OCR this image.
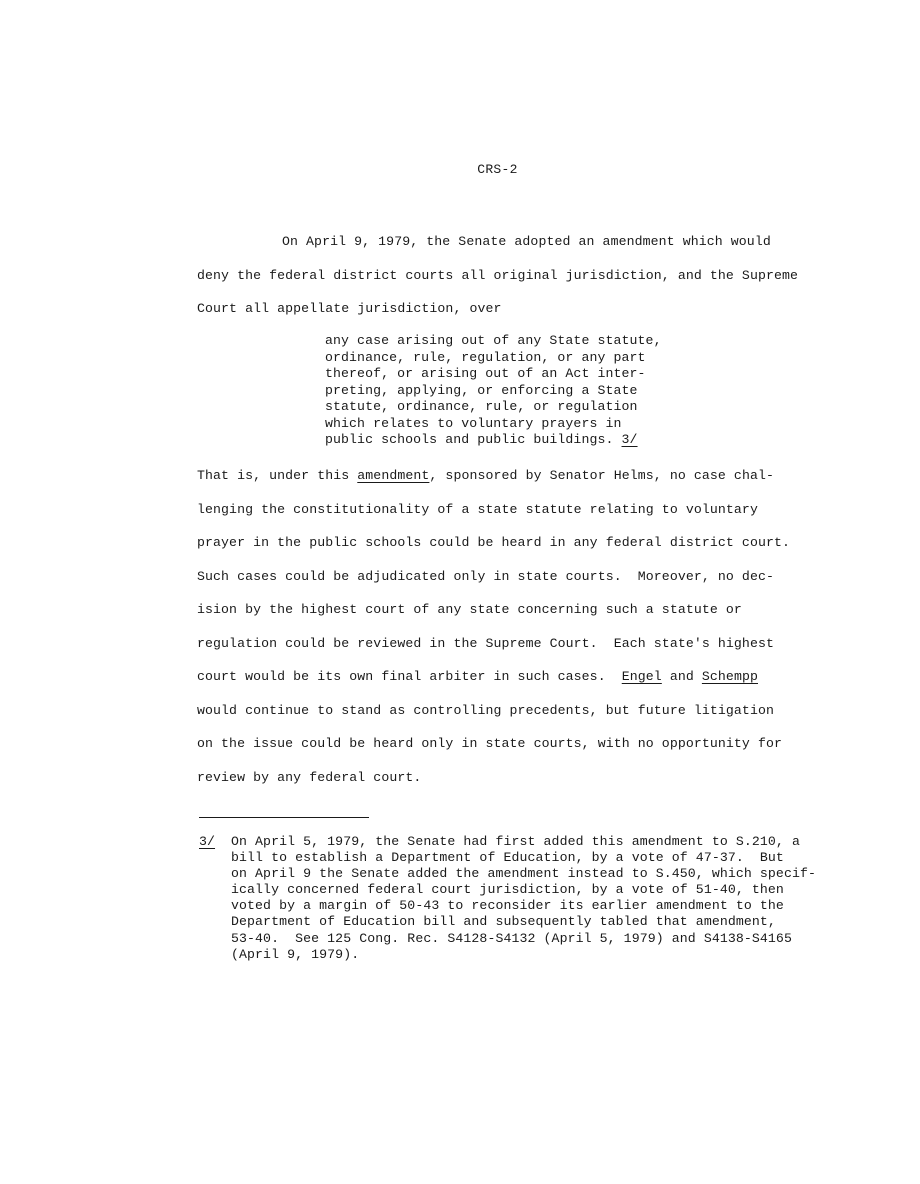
CRS-2
On April 9, 1979, the Senate adopted an amendment which would
deny the federal district courts all original jurisdiction, and the Supreme
Court all appellate jurisdiction, over
any case arising out of any State statute,
ordinance, rule, regulation, or any part
thereof, or arising out of an Act inter-
preting, applying, or enforcing a State
statute, ordinance, rule, or regulation
which relates to voluntary prayers in
public schools and public buildings. 3/
That is, under this amendment, sponsored by Senator Helms, no case chal-
lenging the constitutionality of a state statute relating to voluntary
prayer in the public schools could be heard in any federal district court.
Such cases could be adjudicated only in state courts.  Moreover, no dec-
ision by the highest court of any state concerning such a statute or
regulation could be reviewed in the Supreme Court.  Each state's highest
court would be its own final arbiter in such cases.  Engel and Schempp
would continue to stand as controlling precedents, but future litigation
on the issue could be heard only in state courts, with no opportunity for
review by any federal court.
3/ On April 5, 1979, the Senate had first added this amendment to S.210, a
bill to establish a Department of Education, by a vote of 47-37.  But
on April 9 the Senate added the amendment instead to S.450, which specif-
ically concerned federal court jurisdiction, by a vote of 51-40, then
voted by a margin of 50-43 to reconsider its earlier amendment to the
Department of Education bill and subsequently tabled that amendment,
53-40.  See 125 Cong. Rec. S4128-S4132 (April 5, 1979) and S4138-S4165
(April 9, 1979).
